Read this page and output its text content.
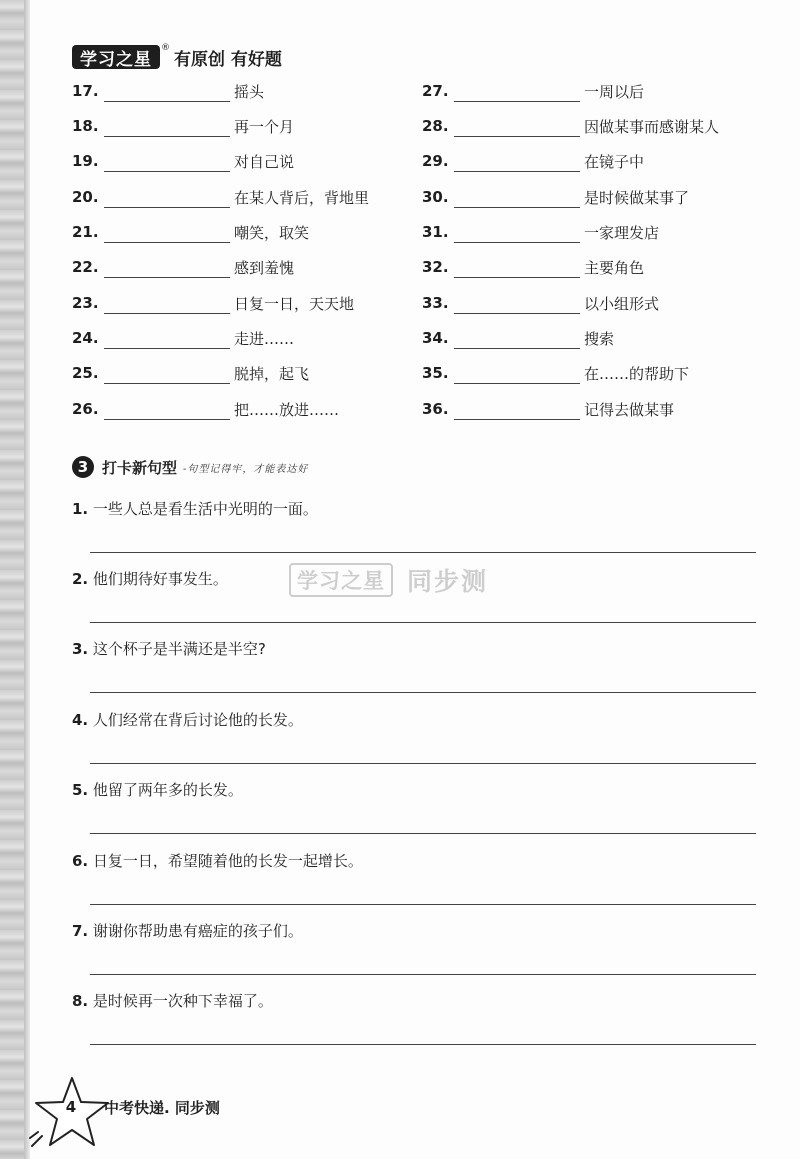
学习之星
®
有原创 有好题
17.	摇头
18.	再一个月
19.	对自己说
20.	在某人背后，背地里
21.	嘲笑，取笑
22.	感到羞愧
23.	日复一日，天天地
24.	走进……
25.	脱掉，起飞
26.	把……放进……
27.	一周以后
28.	因做某事而感谢某人
29.	在镜子中
30.	是时候做某事了
31.	一家理发店
32.	主要角色
33.	以小组形式
34.	搜索
35.	在……的帮助下
36.	记得去做某事
3 打卡新句型 -句型记得牢，才能表达好
学习之星 同步测
1. 一些人总是看生活中光明的一面。
2. 他们期待好事发生。
3. 这个杯子是半满还是半空?
4. 人们经常在背后讨论他的长发。
5. 他留了两年多的长发。
6. 日复一日，希望随着他的长发一起增长。
7. 谢谢你帮助患有癌症的孩子们。
8. 是时候再一次种下幸福了。
4	中考快递. 同步测
